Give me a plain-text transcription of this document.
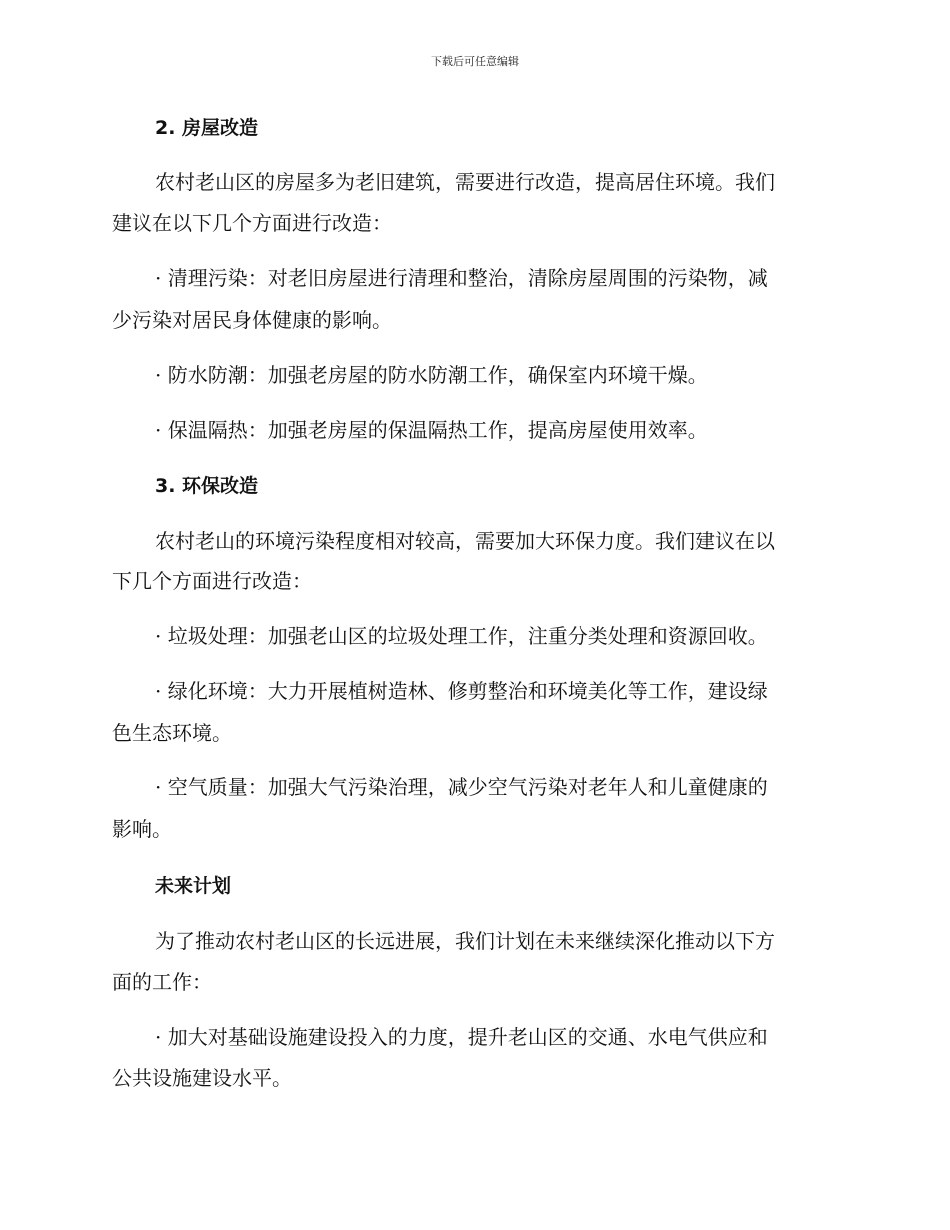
下载后可任意编辑
2. 房屋改造
农村老山区的房屋多为老旧建筑，需要进行改造，提高居住环境。我们
建议在以下几个方面进行改造：
· 清理污染：对老旧房屋进行清理和整治，清除房屋周围的污染物，减
少污染对居民身体健康的影响。
· 防水防潮：加强老房屋的防水防潮工作，确保室内环境干燥。
· 保温隔热：加强老房屋的保温隔热工作，提高房屋使用效率。
3. 环保改造
农村老山的环境污染程度相对较高，需要加大环保力度。我们建议在以
下几个方面进行改造：
· 垃圾处理：加强老山区的垃圾处理工作，注重分类处理和资源回收。
· 绿化环境：大力开展植树造林、修剪整治和环境美化等工作，建设绿
色生态环境。
· 空气质量：加强大气污染治理，减少空气污染对老年人和儿童健康的
影响。
未来计划
为了推动农村老山区的长远进展，我们计划在未来继续深化推动以下方
面的工作：
· 加大对基础设施建设投入的力度，提升老山区的交通、水电气供应和
公共设施建设水平。
